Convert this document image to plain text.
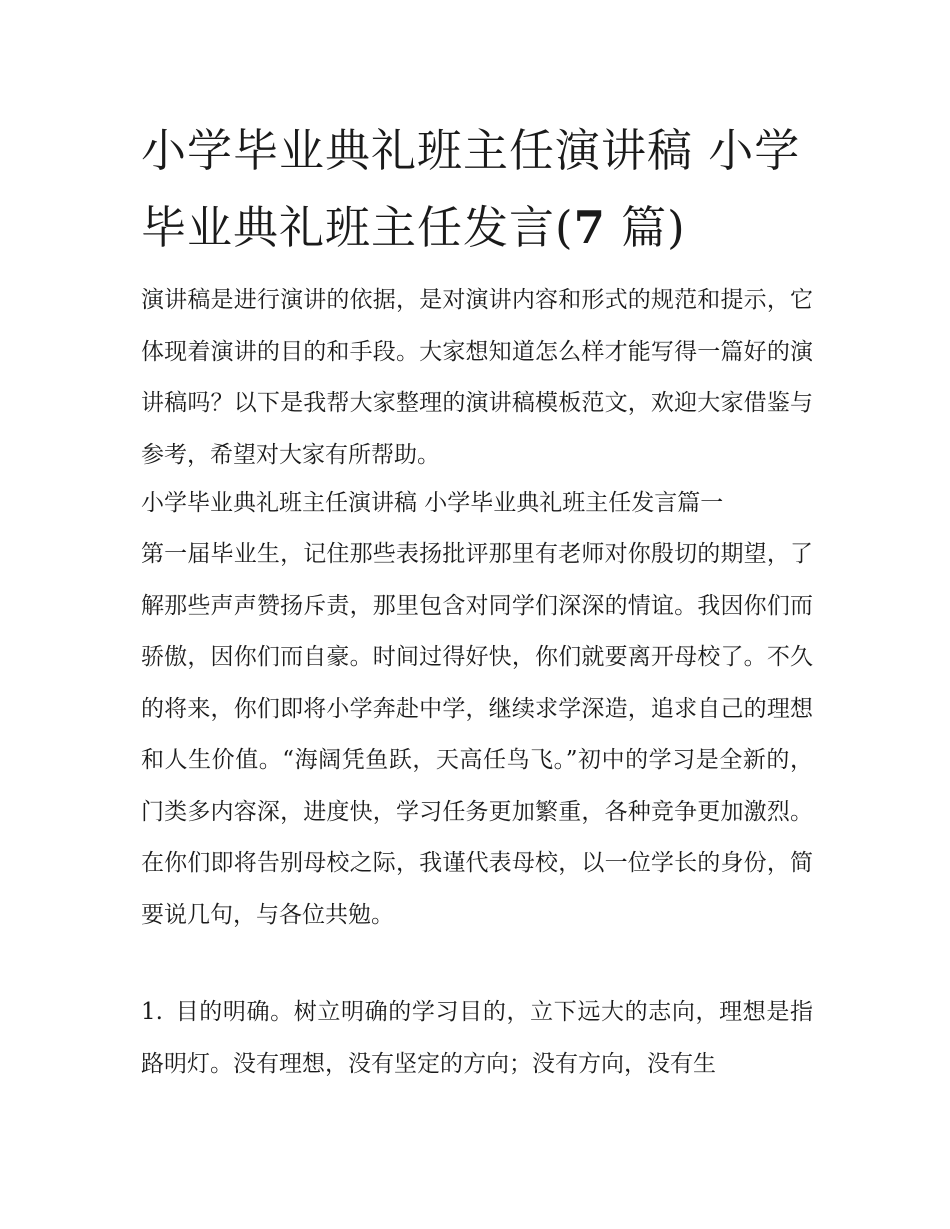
小学毕业典礼班主任演讲稿 小学毕业典礼班主任发言(7 篇)

演讲稿是进行演讲的依据，是对演讲内容和形式的规范和提示，它体现着演讲的目的和手段。大家想知道怎么样才能写得一篇好的演讲稿吗？以下是我帮大家整理的演讲稿模板范文，欢迎大家借鉴与参考，希望对大家有所帮助。

小学毕业典礼班主任演讲稿 小学毕业典礼班主任发言篇一

第一届毕业生，记住那些表扬批评那里有老师对你殷切的期望，了解那些声声赞扬斥责，那里包含对同学们深深的情谊。我因你们而骄傲，因你们而自豪。时间过得好快，你们就要离开母校了。不久的将来，你们即将小学奔赴中学，继续求学深造，追求自己的理想和人生价值。“海阔凭鱼跃，天高任鸟飞。”初中的学习是全新的，门类多内容深，进度快，学习任务更加繁重，各种竞争更加激烈。在你们即将告别母校之际，我谨代表母校，以一位学长的身份，简要说几句，与各位共勉。

1. 目的明确。树立明确的学习目的，立下远大的志向，理想是指路明灯。没有理想，没有坚定的方向；没有方向，没有生
